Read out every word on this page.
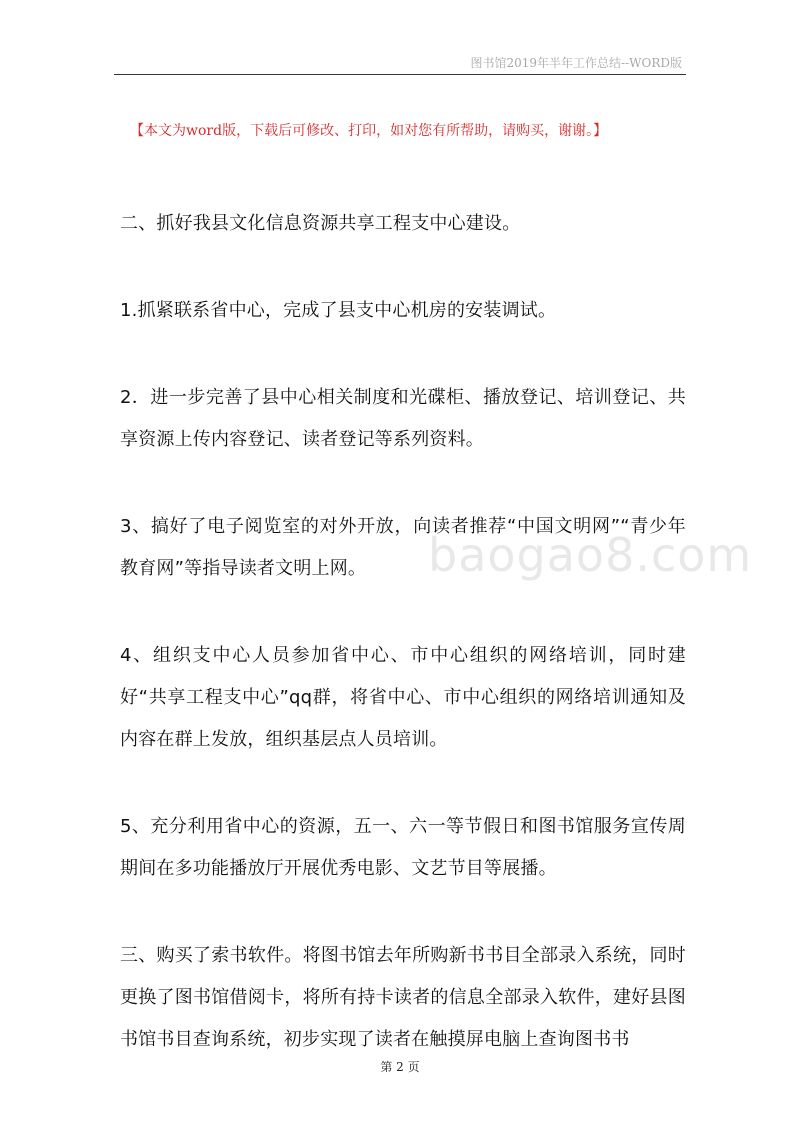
图书馆2019年半年工作总结--WORD版
【本文为word版，下载后可修改、打印，如对您有所帮助，请购买，谢谢。】

二、抓好我县文化信息资源共享工程支中心建设。

1.抓紧联系省中心，完成了县支中心机房的安装调试。

2．进一步完善了县中心相关制度和光碟柜、播放登记、培训登记、共享资源上传内容登记、读者登记等系列资料。

3、搞好了电子阅览室的对外开放，向读者推荐“中国文明网”“青少年教育网”等指导读者文明上网。

4、组织支中心人员参加省中心、市中心组织的网络培训，同时建好“共享工程支中心”qq群，将省中心、市中心组织的网络培训通知及内容在群上发放，组织基层点人员培训。

5、充分利用省中心的资源，五一、六一等节假日和图书馆服务宣传周期间在多功能播放厅开展优秀电影、文艺节目等展播。

三、购买了索书软件。将图书馆去年所购新书书目全部录入系统，同时更换了图书馆借阅卡，将所有持卡读者的信息全部录入软件，建好县图书馆书目查询系统，初步实现了读者在触摸屏电脑上查询图书书

baogao8.com
第 2 页
